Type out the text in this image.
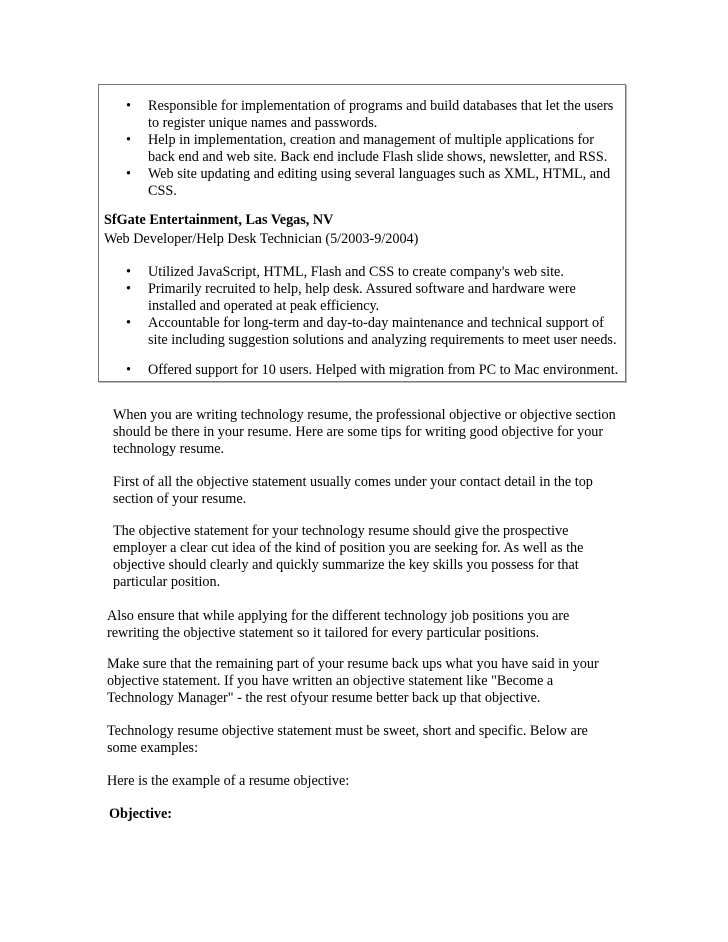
• Responsible for implementation of programs and build databases that let the users to register unique names and passwords.
• Help in implementation, creation and management of multiple applications for back end and web site. Back end include Flash slide shows, newsletter, and RSS.
• Web site updating and editing using several languages such as XML, HTML, and CSS.
SfGate Entertainment, Las Vegas, NV
Web Developer/Help Desk Technician (5/2003-9/2004)
• Utilized JavaScript, HTML, Flash and CSS to create company's web site.
• Primarily recruited to help, help desk. Assured software and hardware were installed and operated at peak efficiency.
• Accountable for long-term and day-to-day maintenance and technical support of site including suggestion solutions and analyzing requirements to meet user needs.
• Offered support for 10 users. Helped with migration from PC to Mac environment.

When you are writing technology resume, the professional objective or objective section should be there in your resume. Here are some tips for writing good objective for your technology resume.

First of all the objective statement usually comes under your contact detail in the top section of your resume.

The objective statement for your technology resume should give the prospective employer a clear cut idea of the kind of position you are seeking for. As well as the objective should clearly and quickly summarize the key skills you possess for that particular position.

Also ensure that while applying for the different technology job positions you are rewriting the objective statement so it tailored for every particular positions.

Make sure that the remaining part of your resume back ups what you have said in your objective statement. If you have written an objective statement like "Become a Technology Manager" - the rest ofyour resume better back up that objective.

Technology resume objective statement must be sweet, short and specific. Below are some examples:

Here is the example of a resume objective:

Objective:
